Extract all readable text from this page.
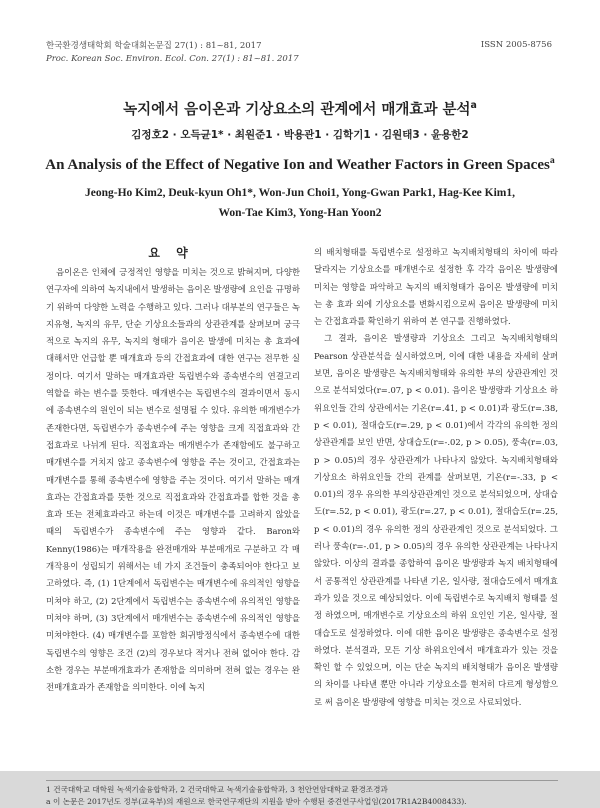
한국환경생태학회 학술대회논문집 27(1) : 81~81, 2017
Proc. Korean Soc. Environ. Ecol. Con. 27(1) : 81~81. 2017
ISSN 2005-8756
녹지에서 음이온과 기상요소의 관계에서 매개효과 분석$^a$
김정호2 · 오득균1* · 최원준1 · 박용관1 · 김학기1 · 김원태3 · 윤용한2
An Analysis of the Effect of Negative Ion and Weather Factors in Green Spaces$^a$
Jeong-Ho Kim2, Deuk-kyun Oh1*, Won-Jun Choi1, Yong-Gwan Park1, Hag-Kee Kim1,
Won-Tae Kim3, Yong-Han Yoon2
요 약

음이온은 인체에 긍정적인 영향을 미치는 것으로 밝혀지며, 다양한 연구자에 의하여 녹지내에서 발생하는 음이온 발생량에 요인을 규명하기 위하여 다양한 노력을 수행하고 있다. 그러나 대부분의 연구들은 녹지유형, 녹지의 유무, 단순 기상요소들과의 상관관계를 살펴보며 궁극적으로 녹지의 유무, 녹지의 형태가 음이온 발생에 미치는 총 효과에 대해서만 언급할 뿐 매개효과 등의 간접효과에 대한 연구는 전무한 실정이다. 여기서 말하는 매개효과란 독립변수와 종속변수의 연결고리 역할을 하는 변수를 뜻한다. 매개변수는 독립변수의 결과이면서 동시에 종속변수의 원인이 되는 변수로 설명될 수 있다. 유의한 매개변수가 존재한다면, 독립변수가 종속변수에 주는 영향을 크게 직접효과와 간접효과로 나뉘게 된다. 직접효과는 매개변수가 존재함에도 불구하고 매개변수를 거치지 않고 종속변수에 영향을 주는 것이고, 간접효과는 매개변수를 통해 종속변수에 영향을 주는 것이다. 여기서 말하는 매개효과는 간접효과를 뜻한 것으로 직접효과와 간접효과를 합한 것을 총 효과 또는 전체효과라고 하는데 이것은 매개변수를 고려하지 않았을 때의 독립변수가 종속변수에 주는 영향과 같다. Baron와 Kenny(1986)는 매개작용을 완전매개와 부분매개로 구분하고 각 매개작용이 성립되기 위해서는 네 가지 조건들이 충족되어야 한다고 보고하였다. 즉, (1) 1단계에서 독립변수는 매개변수에 유의적인 영향을 미쳐야 하고, (2) 2단계에서 독립변수는 종속변수에 유의적인 영향을 미쳐야 하며, (3) 3단계에서 매개변수는 종속변수에 유의적인 영향을 미쳐야한다. (4) 매개변수를 포함한 회귀방정식에서 종속변수에 대한 독립변수의 영향은 조건 (2)의 경우보다 적거나 전혀 없어야 한다. 감소한 경우는 부분매개효과가 존재함을 의미하며 전혀 없는 경우는 완전매개효과가 존재함을 의미한다. 이에 녹지

의 배치형태를 독립변수로 설정하고 녹지배치형태의 차이에 따라 달라지는 기상요소를 매개변수로 설정한 후 각각 음이온 발생량에 미치는 영향을 파악하고 녹지의 배치형태가 음이온 발생량에 미치는 총 효과 외에 기상요소를 변화시킴으로써 음이온 발생량에 미치는 간접효과를 확인하기 위하여 본 연구를 진행하였다.

그 결과, 음이온 발생량과 기상요소 그리고 녹지배치형태의 Pearson 상관분석을 실시하였으며, 이에 대한 내용을 자세히 살펴보면, 음이온 발생량은 녹지배치형태와 유의한 부의 상관관계인 것으로 분석되었다(r=.07, p < 0.01). 음이온 발생량과 기상요소 하위요인들 간의 상관에서는 기온(r=.41, p < 0.01)과 광도(r=.38, p < 0.01), 절대습도(r=.29, p < 0.01)에서 각각의 유의한 정의 상관관계를 보인 반면, 상대습도(r=-.02, p > 0.05), 풍속(r=.03, p > 0.05)의 경우 상관관계가 나타나지 않았다. 녹지배치형태와 기상요소 하위요인들 간의 관계를 살펴보면, 기온(r=-.33, p < 0.01)의 경우 유의한 부의상관관계인 것으로 분석되었으며, 상대습도(r=.52, p < 0.01), 광도(r=.27, p < 0.01), 절대습도(r=.25, p < 0.01)의 경우 유의한 정의 상관관계인 것으로 분석되었다. 그러나 풍속(r=-.01, p > 0.05)의 경우 유의한 상관관계는 나타나지 않았다. 이상의 결과를 종합하여 음이온 발생량과 녹지 배치형태에서 공통적인 상관관계를 나타낸 기온, 일사량, 절대습도에서 매개효과가 있을 것으로 예상되었다. 이에 독립변수로 녹지배치 형태를 설정 하였으며, 매개변수로 기상요소의 하위 요인인 기온, 일사량, 절대습도로 설정하였다. 이에 대한 음이온 발생량은 종속변수로 설정하였다. 분석결과, 모든 기상 하위요인에서 매개효과가 있는 것을 확인 할 수 있었으며, 이는 단순 녹지의 배치형태가 음이온 발생량의 차이를 나타낸 뿐만 아니라 기상요소를 현저히 다르게 형성함으로 써 음이온 발생량에 영향을 미치는 것으로 사료되었다.

1 건국대학교 대학원 녹색기술융합학과, 2 건국대학교 녹색기술융합학과, 3 천안연암대학교 환경조경과
a 이 논문은 2017년도 정부(교육부)의 재원으로 한국연구재단의 지원을 받아 수행된 중견연구사업임(2017R1A2B4008433).
